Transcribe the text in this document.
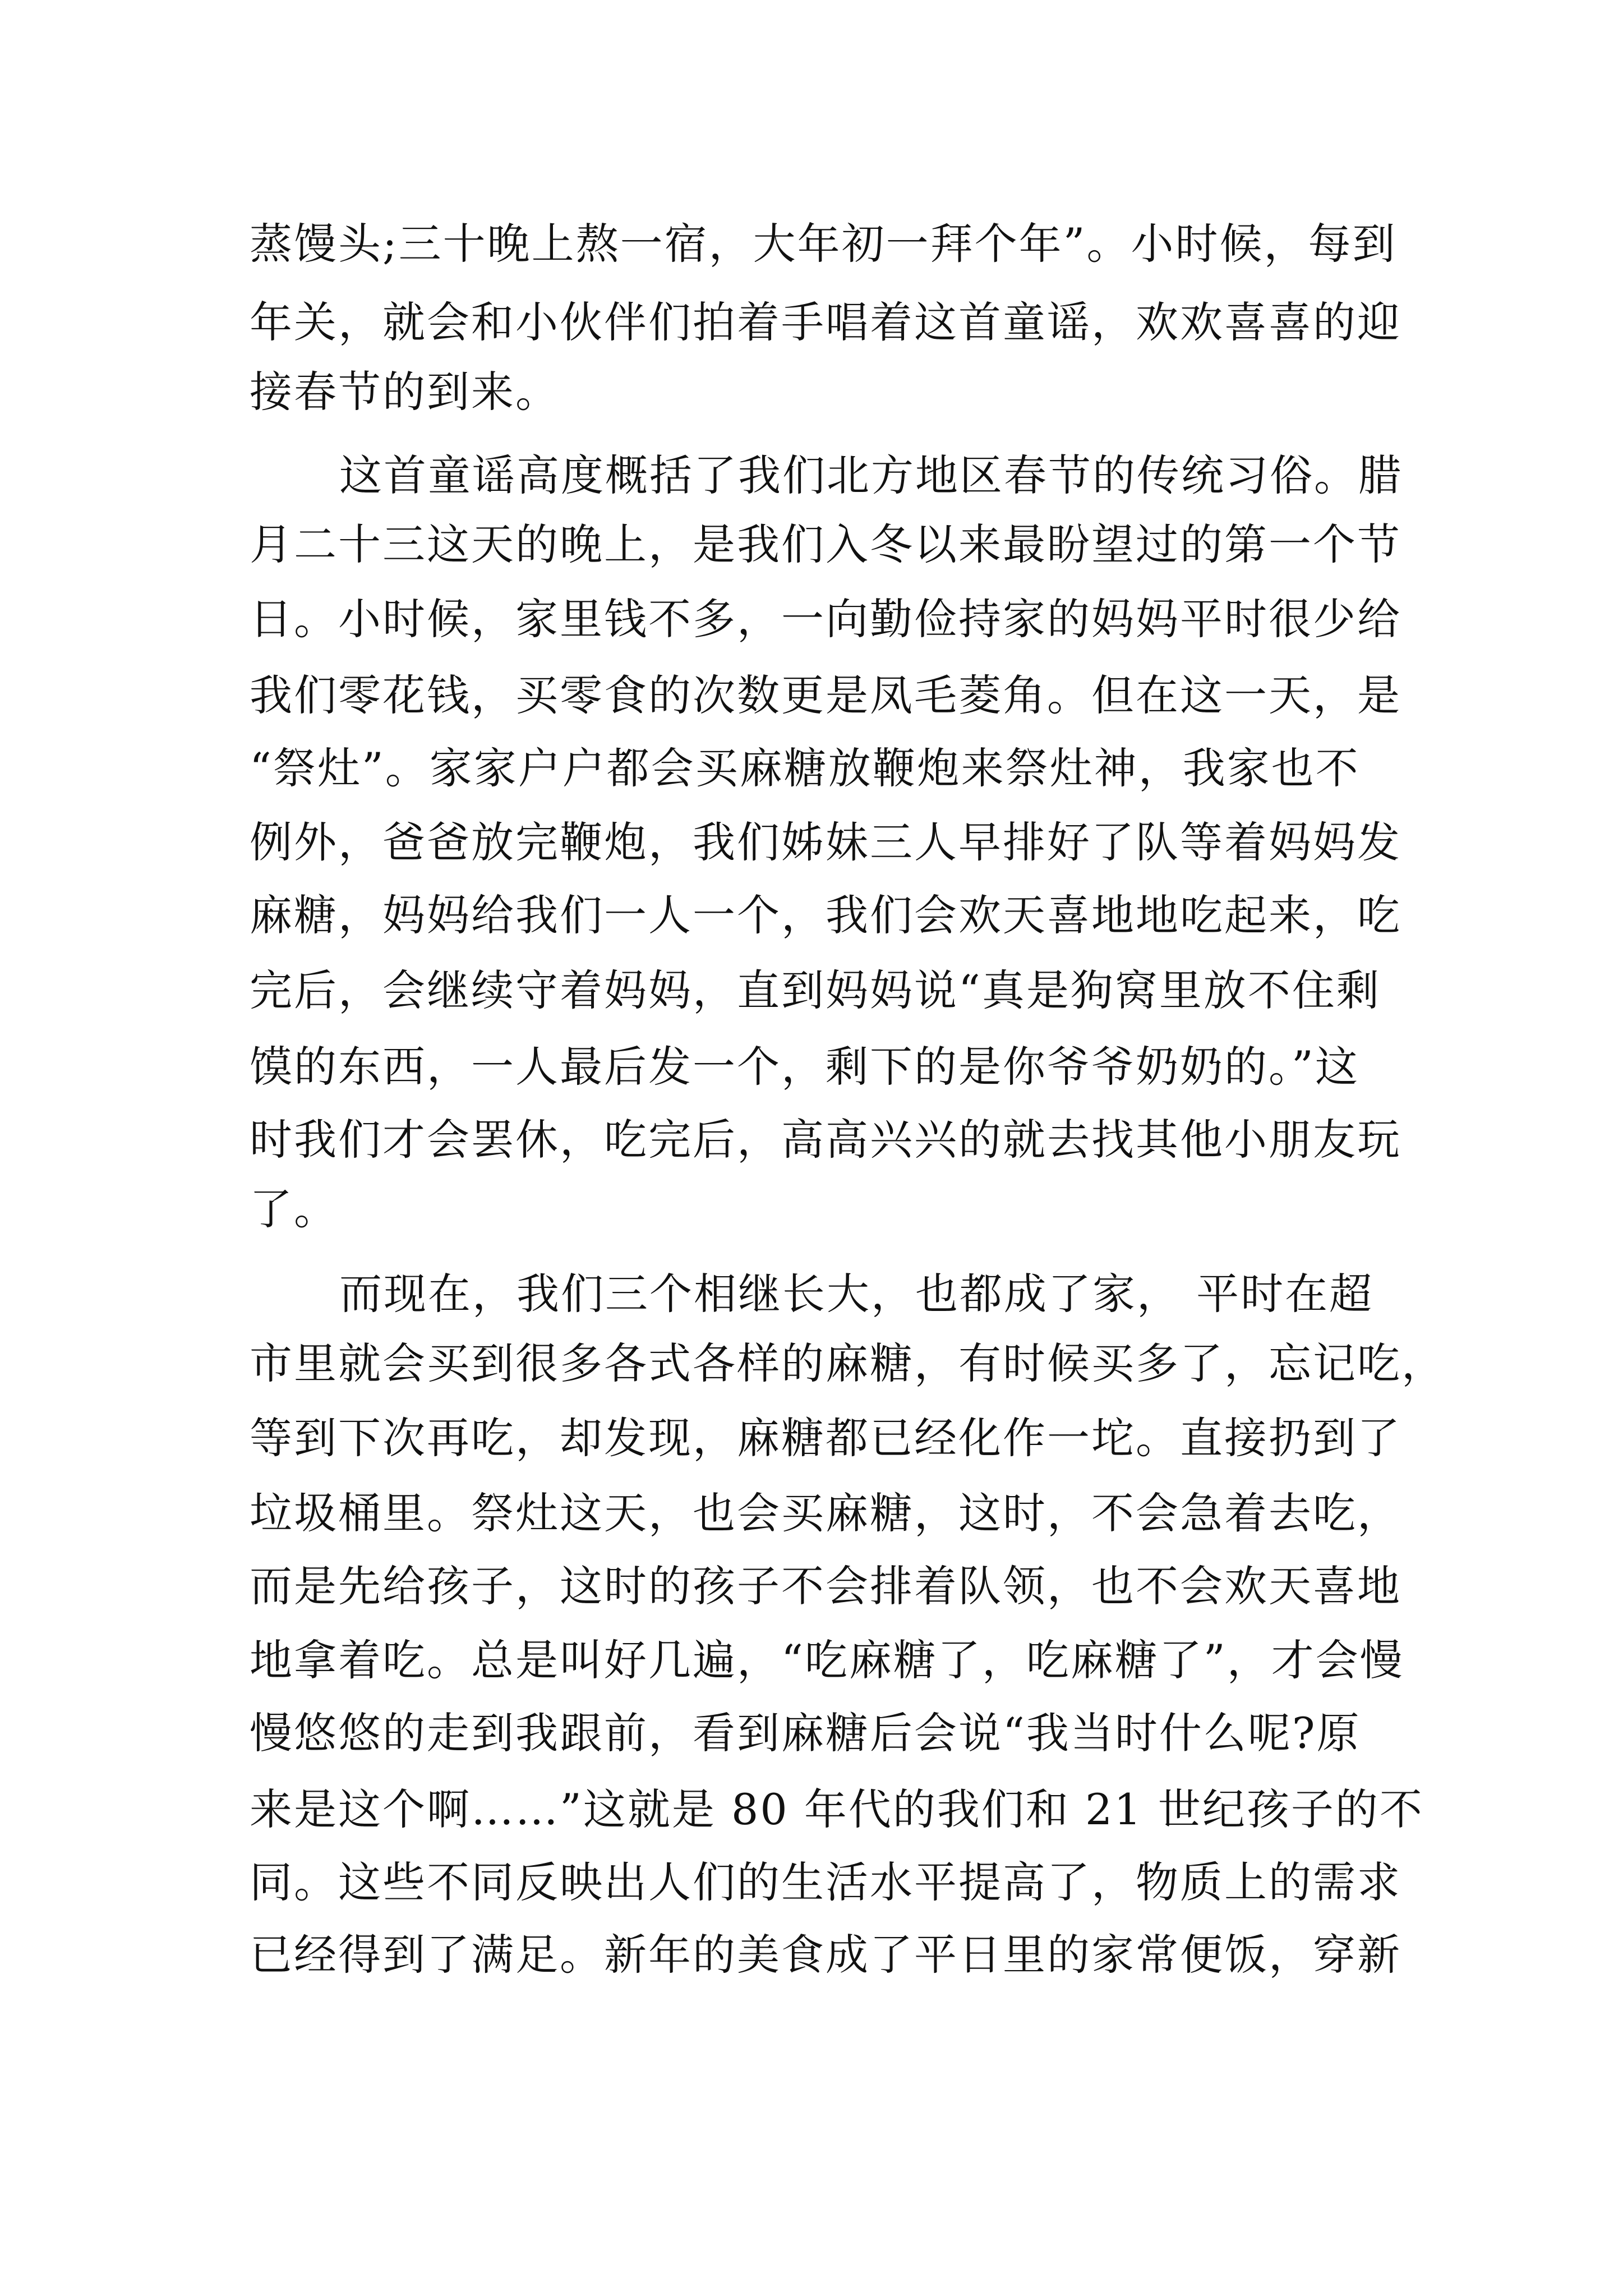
蒸馒头;三十晚上熬一宿，大年初一拜个年”。小时候，每到
年关，就会和小伙伴们拍着手唱着这首童谣，欢欢喜喜的迎
接春节的到来。
这首童谣高度概括了我们北方地区春节的传统习俗。腊
月二十三这天的晚上，是我们入冬以来最盼望过的第一个节
日。小时候，家里钱不多，一向勤俭持家的妈妈平时很少给
我们零花钱，买零食的次数更是凤毛菱角。但在这一天，是
“祭灶”。家家户户都会买麻糖放鞭炮来祭灶神，我家也不
例外，爸爸放完鞭炮，我们姊妹三人早排好了队等着妈妈发
麻糖，妈妈给我们一人一个，我们会欢天喜地地吃起来，吃
完后，会继续守着妈妈，直到妈妈说“真是狗窝里放不住剩
馍的东西，一人最后发一个，剩下的是你爷爷奶奶的。”这
时我们才会罢休，吃完后，高高兴兴的就去找其他小朋友玩
了。
而现在，我们三个相继长大，也都成了家， 平时在超
市里就会买到很多各式各样的麻糖，有时候买多了，忘记吃，
等到下次再吃，却发现，麻糖都已经化作一坨。直接扔到了
垃圾桶里。祭灶这天，也会买麻糖，这时，不会急着去吃，
而是先给孩子，这时的孩子不会排着队领，也不会欢天喜地
地拿着吃。总是叫好几遍，“吃麻糖了，吃麻糖了”，才会慢
慢悠悠的走到我跟前，看到麻糖后会说“我当时什么呢?原
来是这个啊……”这就是 80 年代的我们和 21 世纪孩子的不
同。这些不同反映出人们的生活水平提高了，物质上的需求
已经得到了满足。新年的美食成了平日里的家常便饭，穿新
